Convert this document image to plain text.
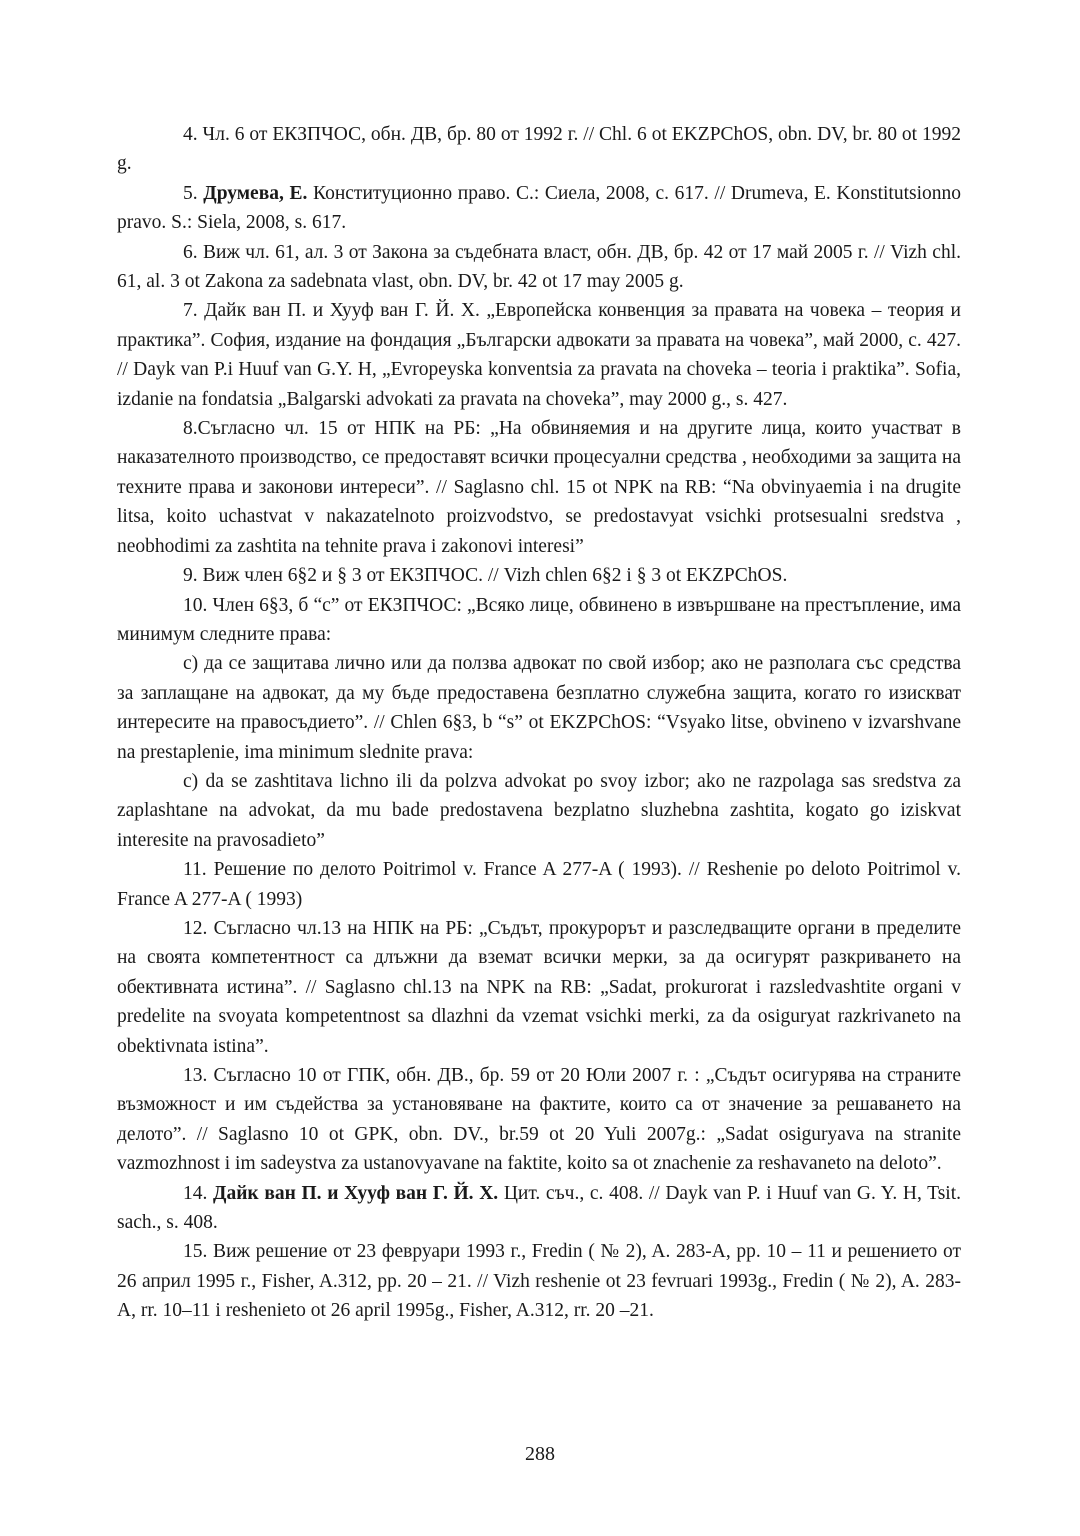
4. Чл. 6 от ЕКЗПЧОС, обн. ДВ, бр. 80 от 1992 г. // Chl. 6 ot EKZPChOS, obn. DV, br. 80 ot 1992 g.

5. Друмева, Е. Конституционно право. С.: Сиела, 2008, с. 617. // Drumeva, E. Konstitutsionno pravo. S.: Siela, 2008, s. 617.

6. Виж чл. 61, ал. 3 от Закона за съдебната власт, обн. ДВ, бр. 42 от 17 май 2005 г. // Vizh chl. 61, al. 3 ot Zakona za sadebnata vlast, obn. DV, br. 42 ot 17 may 2005 g.

7. Дайк ван П. и Хууф ван Г. Й. Х. „Европейска конвенция за правата на човека – теория и практика”. София, издание на фондация „Български адвокати за правата на човека”, май 2000, с. 427. // Dayk van P.i Huuf van G.Y. H, „Evropeyska konventsia za pravata na choveka – teoria i praktika”. Sofia, izdanie na fondatsia „Balgarski advokati za pravata na choveka”, may 2000 g., s. 427.

8.Съгласно чл. 15 от НПК на РБ: „На обвиняемия и на другите лица, които участват в наказателното производство, се предоставят всички процесуални средства , необходими за защита на техните права и законови интереси”. // Saglasno chl. 15 ot NPK na RB: “Na obvinyaemia i na drugite litsa, koito uchastvat v nakazatelnoto proizvodstvo, se predostavyat vsichki protsesualni sredstva , neobhodimi za zashtita na tehnite prava i zakonovi interesi”

9. Виж член 6§2 и § 3 от ЕКЗПЧОС. // Vizh chlen 6§2 i § 3 ot EKZPChOS.

10. Член 6§3, б “c” от ЕКЗПЧОС: „Всяко лице, обвинено в извършване на престъпление, има минимум следните права:

с) да се защитава лично или да ползва адвокат по свой избор; ако не разполага със средства за заплащане на адвокат, да му бъде предоставена безплатно служебна защита, когато го изискват интересите на правосъдието”. // Chlen 6§3, b “s” ot EKZPChOS: “Vsyako litse, obvineno v izvarshvane na prestaplenie, ima minimum slednite prava:

c) da se zashtitava lichno ili da polzva advokat po svoy izbor; ako ne razpolaga sas sredstva za zaplashtane na advokat, da mu bade predostavena bezplatno sluzhebna zashtita, kogato go iziskvat interesite na pravosadieto”

11. Решение по делото Poitrimol v. France A 277-A ( 1993). // Reshenie po deloto Poitrimol v. France A 277-A ( 1993)

12. Съгласно чл.13 на НПК на РБ: „Съдът, прокурорът и разследващите органи в пределите на своята компетентност са длъжни да вземат всички мерки, за да осигурят разкриването на обективната истина”. // Saglasno chl.13 na NPK na RB: „Sadat, prokurorat i razsledvashtite organi v predelite na svoyata kompetentnost sa dlazhni da vzemat vsichki merki, za da osiguryat razkrivaneto na obektivnata istina”.

13. Съгласно 10 от ГПК, обн. ДВ., бр. 59 от 20 Юли 2007 г. : „Съдът осигурява на страните възможност и им съдейства за установяване на фактите, които са от значение за решаването на делото”. // Saglasno 10 ot GPK, obn. DV., br.59 ot 20 Yuli 2007g.: „Sadat osiguryava na stranite vazmozhnost i im sadeystva za ustanovyavane na faktite, koito sa ot znachenie za reshavaneto na deloto”.

14. Дайк ван П. и Хууф ван Г. Й. Х. Цит. съч., с. 408. // Dayk van P. i Huuf van G. Y. H, Tsit. sach., s. 408.

15. Виж решение от 23 февруари 1993 г., Fredin ( № 2), A. 283-A, pp. 10 – 11 и решението от 26 април 1995 г., Fisher, A.312, pp. 20 – 21. // Vizh reshenie ot 23 fevruari 1993g., Fredin ( № 2), A. 283-A, rr. 10–11 i reshenieto ot 26 april 1995g., Fisher, A.312, rr. 20 –21.

288
